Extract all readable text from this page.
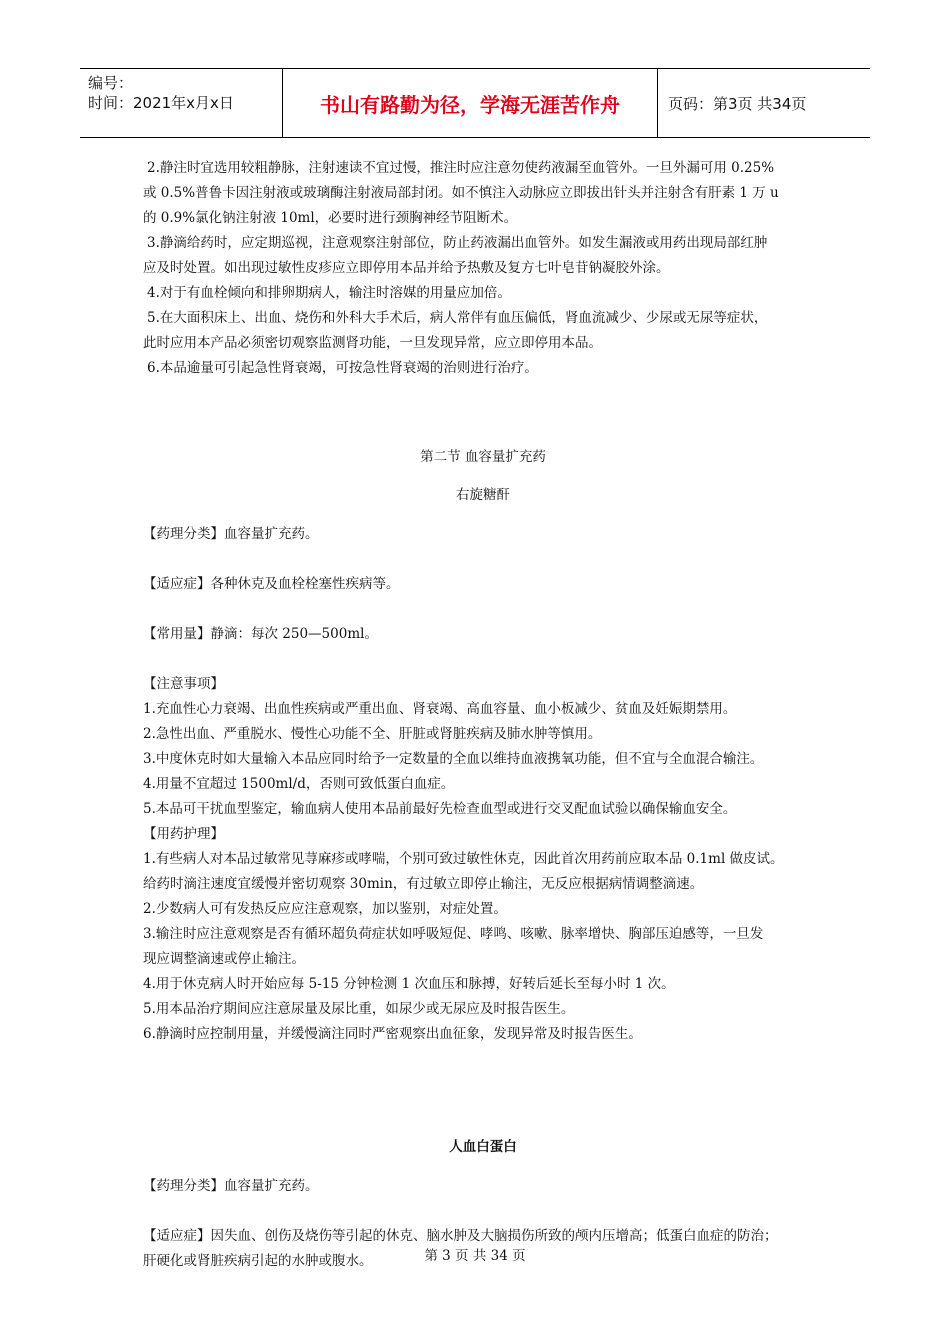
编号：
时间：2021年x月x日	书山有路勤为径，学海无涯苦作舟	页码：第3页 共34页

2.静注时宜选用较粗静脉，注射速读不宜过慢，推注时应注意勿使药液漏至血管外。一旦外漏可用 0.25%

或 0.5%普鲁卡因注射液或玻璃酶注射液局部封闭。如不慎注入动脉应立即拔出针头并注射含有肝素 1 万 u

的 0.9%氯化钠注射液 10ml，必要时进行颈胸神经节阻断术。

3.静滴给药时，应定期巡视，注意观察注射部位，防止药液漏出血管外。如发生漏液或用药出现局部红肿

应及时处置。如出现过敏性皮疹应立即停用本品并给予热敷及复方七叶皂苷钠凝胶外涂。

4.对于有血栓倾向和排卵期病人，输注时溶媒的用量应加倍。

5.在大面积床上、出血、烧伤和外科大手术后，病人常伴有血压偏低，肾血流减少、少尿或无尿等症状，

此时应用本产品必须密切观察监测肾功能，一旦发现异常，应立即停用本品。

6.本品逾量可引起急性肾衰竭，可按急性肾衰竭的治则进行治疗。

第二节 血容量扩充药

右旋糖酐

【药理分类】血容量扩充药。

【适应症】各种休克及血栓栓塞性疾病等。

【常用量】静滴：每次 250—500ml。

【注意事项】

1.充血性心力衰竭、出血性疾病或严重出血、肾衰竭、高血容量、血小板减少、贫血及妊娠期禁用。

2.急性出血、严重脱水、慢性心功能不全、肝脏或肾脏疾病及肺水肿等慎用。

3.中度休克时如大量输入本品应同时给予一定数量的全血以维持血液携氧功能，但不宜与全血混合输注。

4.用量不宜超过 1500ml/d，否则可致低蛋白血症。

5.本品可干扰血型鉴定，输血病人使用本品前最好先检查血型或进行交叉配血试验以确保输血安全。

【用药护理】

1.有些病人对本品过敏常见荨麻疹或哮喘，个别可致过敏性休克，因此首次用药前应取本品 0.1ml 做皮试。

给药时滴注速度宜缓慢并密切观察 30min，有过敏立即停止输注，无反应根据病情调整滴速。

2.少数病人可有发热反应应注意观察，加以鉴别，对症处置。

3.输注时应注意观察是否有循环超负荷症状如呼吸短促、哮鸣、咳嗽、脉率增快、胸部压迫感等，一旦发

现应调整滴速或停止输注。

4.用于休克病人时开始应每 5-15 分钟检测 1 次血压和脉搏，好转后延长至每小时 1 次。

5.用本品治疗期间应注意尿量及尿比重，如尿少或无尿应及时报告医生。

6.静滴时应控制用量，并缓慢滴注同时严密观察出血征象，发现异常及时报告医生。

人血白蛋白

【药理分类】血容量扩充药。

【适应症】因失血、创伤及烧伤等引起的休克、脑水肿及大脑损伤所致的颅内压增高；低蛋白血症的防治；

肝硬化或肾脏疾病引起的水肿或腹水。	第 3 页 共 34 页
